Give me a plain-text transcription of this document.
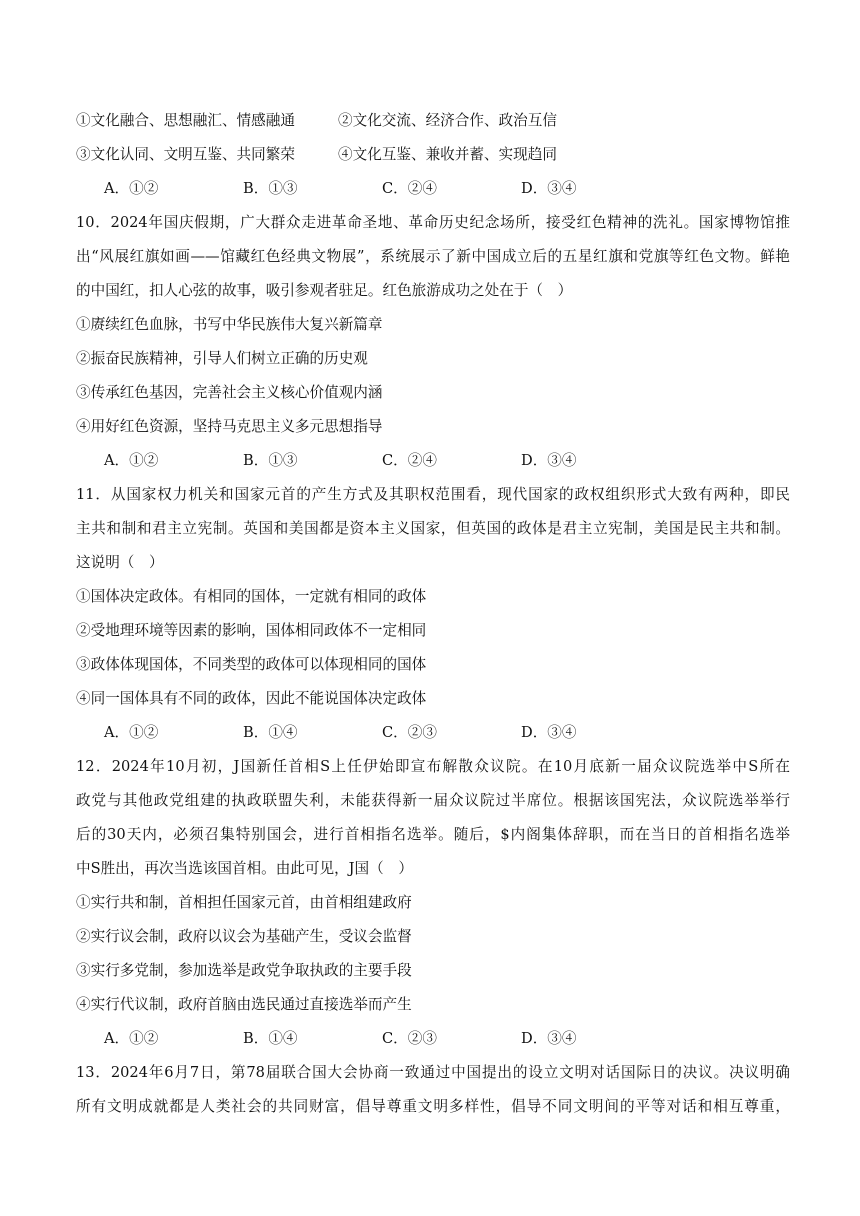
①文化融合、思想融汇、情感融通	②文化交流、经济合作、政治互信
③文化认同、文明互鉴、共同繁荣	④文化互鉴、兼收并蓄、实现趋同
A．①②	B．①③	C．②④	D．③④
10．2024年国庆假期，广大群众走进革命圣地、革命历史纪念场所，接受红色精神的洗礼。国家博物馆推
出“风展红旗如画——馆藏红色经典文物展”，系统展示了新中国成立后的五星红旗和党旗等红色文物。鲜艳
的中国红，扣人心弦的故事，吸引参观者驻足。红色旅游成功之处在于（　）
①赓续红色血脉，书写中华民族伟大复兴新篇章
②振奋民族精神，引导人们树立正确的历史观
③传承红色基因，完善社会主义核心价值观内涵
④用好红色资源，坚持马克思主义多元思想指导
A．①②	B．①③	C．②④	D．③④
11．从国家权力机关和国家元首的产生方式及其职权范围看，现代国家的政权组织形式大致有两种，即民
主共和制和君主立宪制。英国和美国都是资本主义国家，但英国的政体是君主立宪制，美国是民主共和制。
这说明（　）
①国体决定政体。有相同的国体，一定就有相同的政体
②受地理环境等因素的影响，国体相同政体不一定相同
③政体体现国体，不同类型的政体可以体现相同的国体
④同一国体具有不同的政体，因此不能说国体决定政体
A．①②	B．①④	C．②③	D．③④
12．2024年10月初，J国新任首相S上任伊始即宣布解散众议院。在10月底新一届众议院选举中S所在
政党与其他政党组建的执政联盟失利，未能获得新一届众议院过半席位。根据该国宪法，众议院选举举行
后的30天内，必须召集特别国会，进行首相指名选举。随后，$内阁集体辞职，而在当日的首相指名选举
中S胜出，再次当选该国首相。由此可见，J国（　）
①实行共和制，首相担任国家元首，由首相组建政府
②实行议会制，政府以议会为基础产生，受议会监督
③实行多党制，参加选举是政党争取执政的主要手段
④实行代议制，政府首脑由选民通过直接选举而产生
A．①②	B．①④	C．②③	D．③④
13．2024年6月7日，第78届联合国大会协商一致通过中国提出的设立文明对话国际日的决议。决议明确
所有文明成就都是人类社会的共同财富，倡导尊重文明多样性，倡导不同文明间的平等对话和相互尊重，
